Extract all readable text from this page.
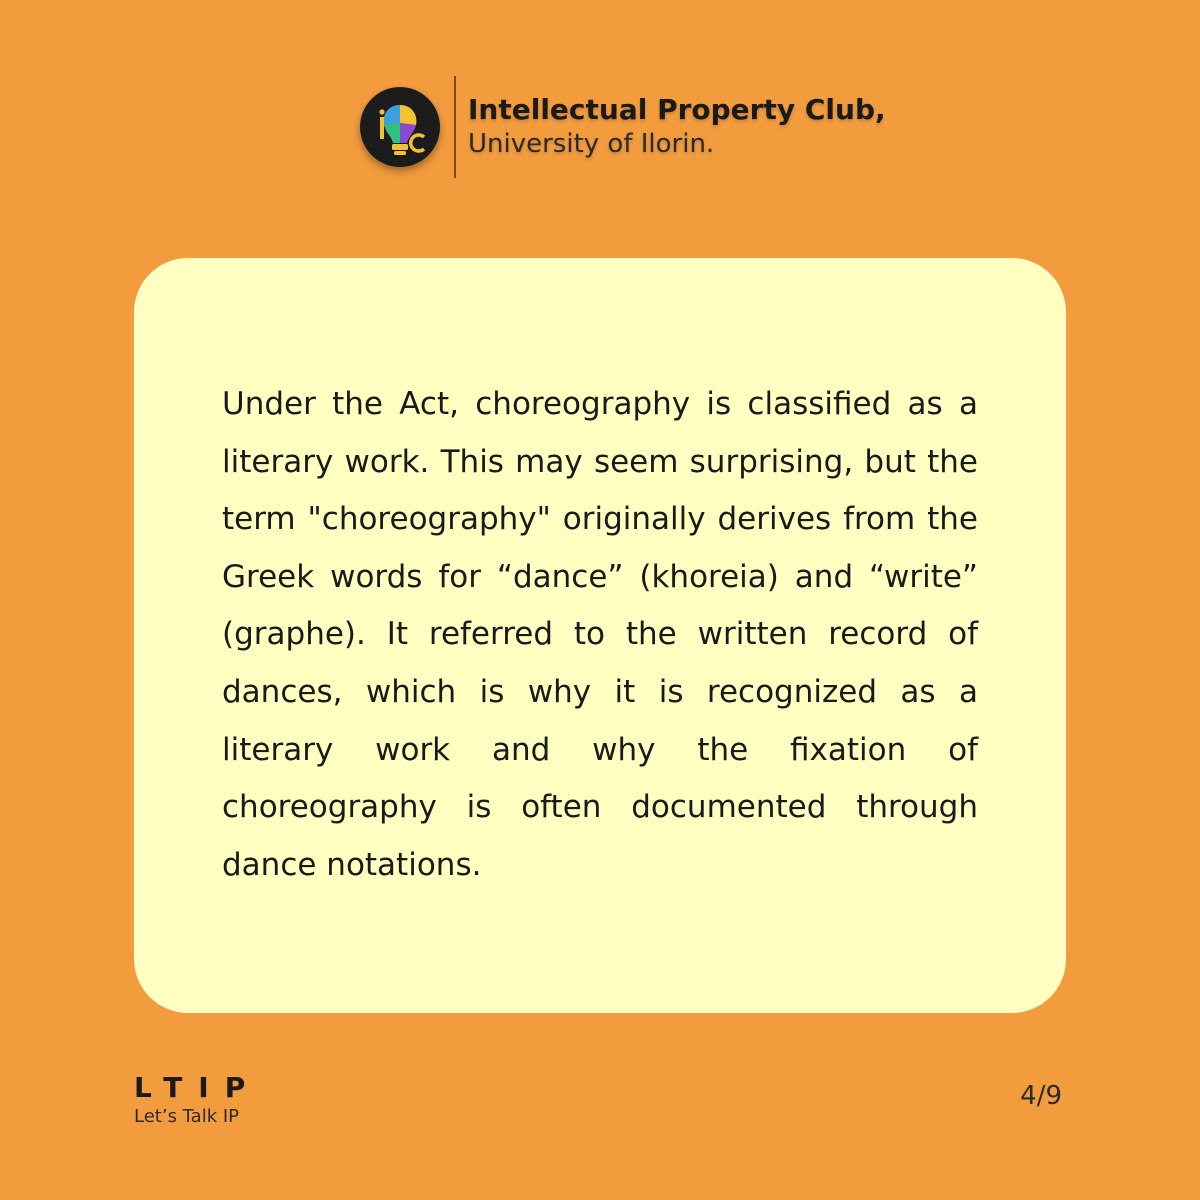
Intellectual Property Club,
University of Ilorin.

Under the Act, choreography is classified as a literary work. This may seem surprising, but the term "choreography" originally derives from the Greek words for “dance” (khoreia) and “write” (graphe). It referred to the written record of dances, which is why it is recognized as a literary work and why the fixation of choreography is often documented through dance notations.

LTIP
Let’s Talk IP
4/9
